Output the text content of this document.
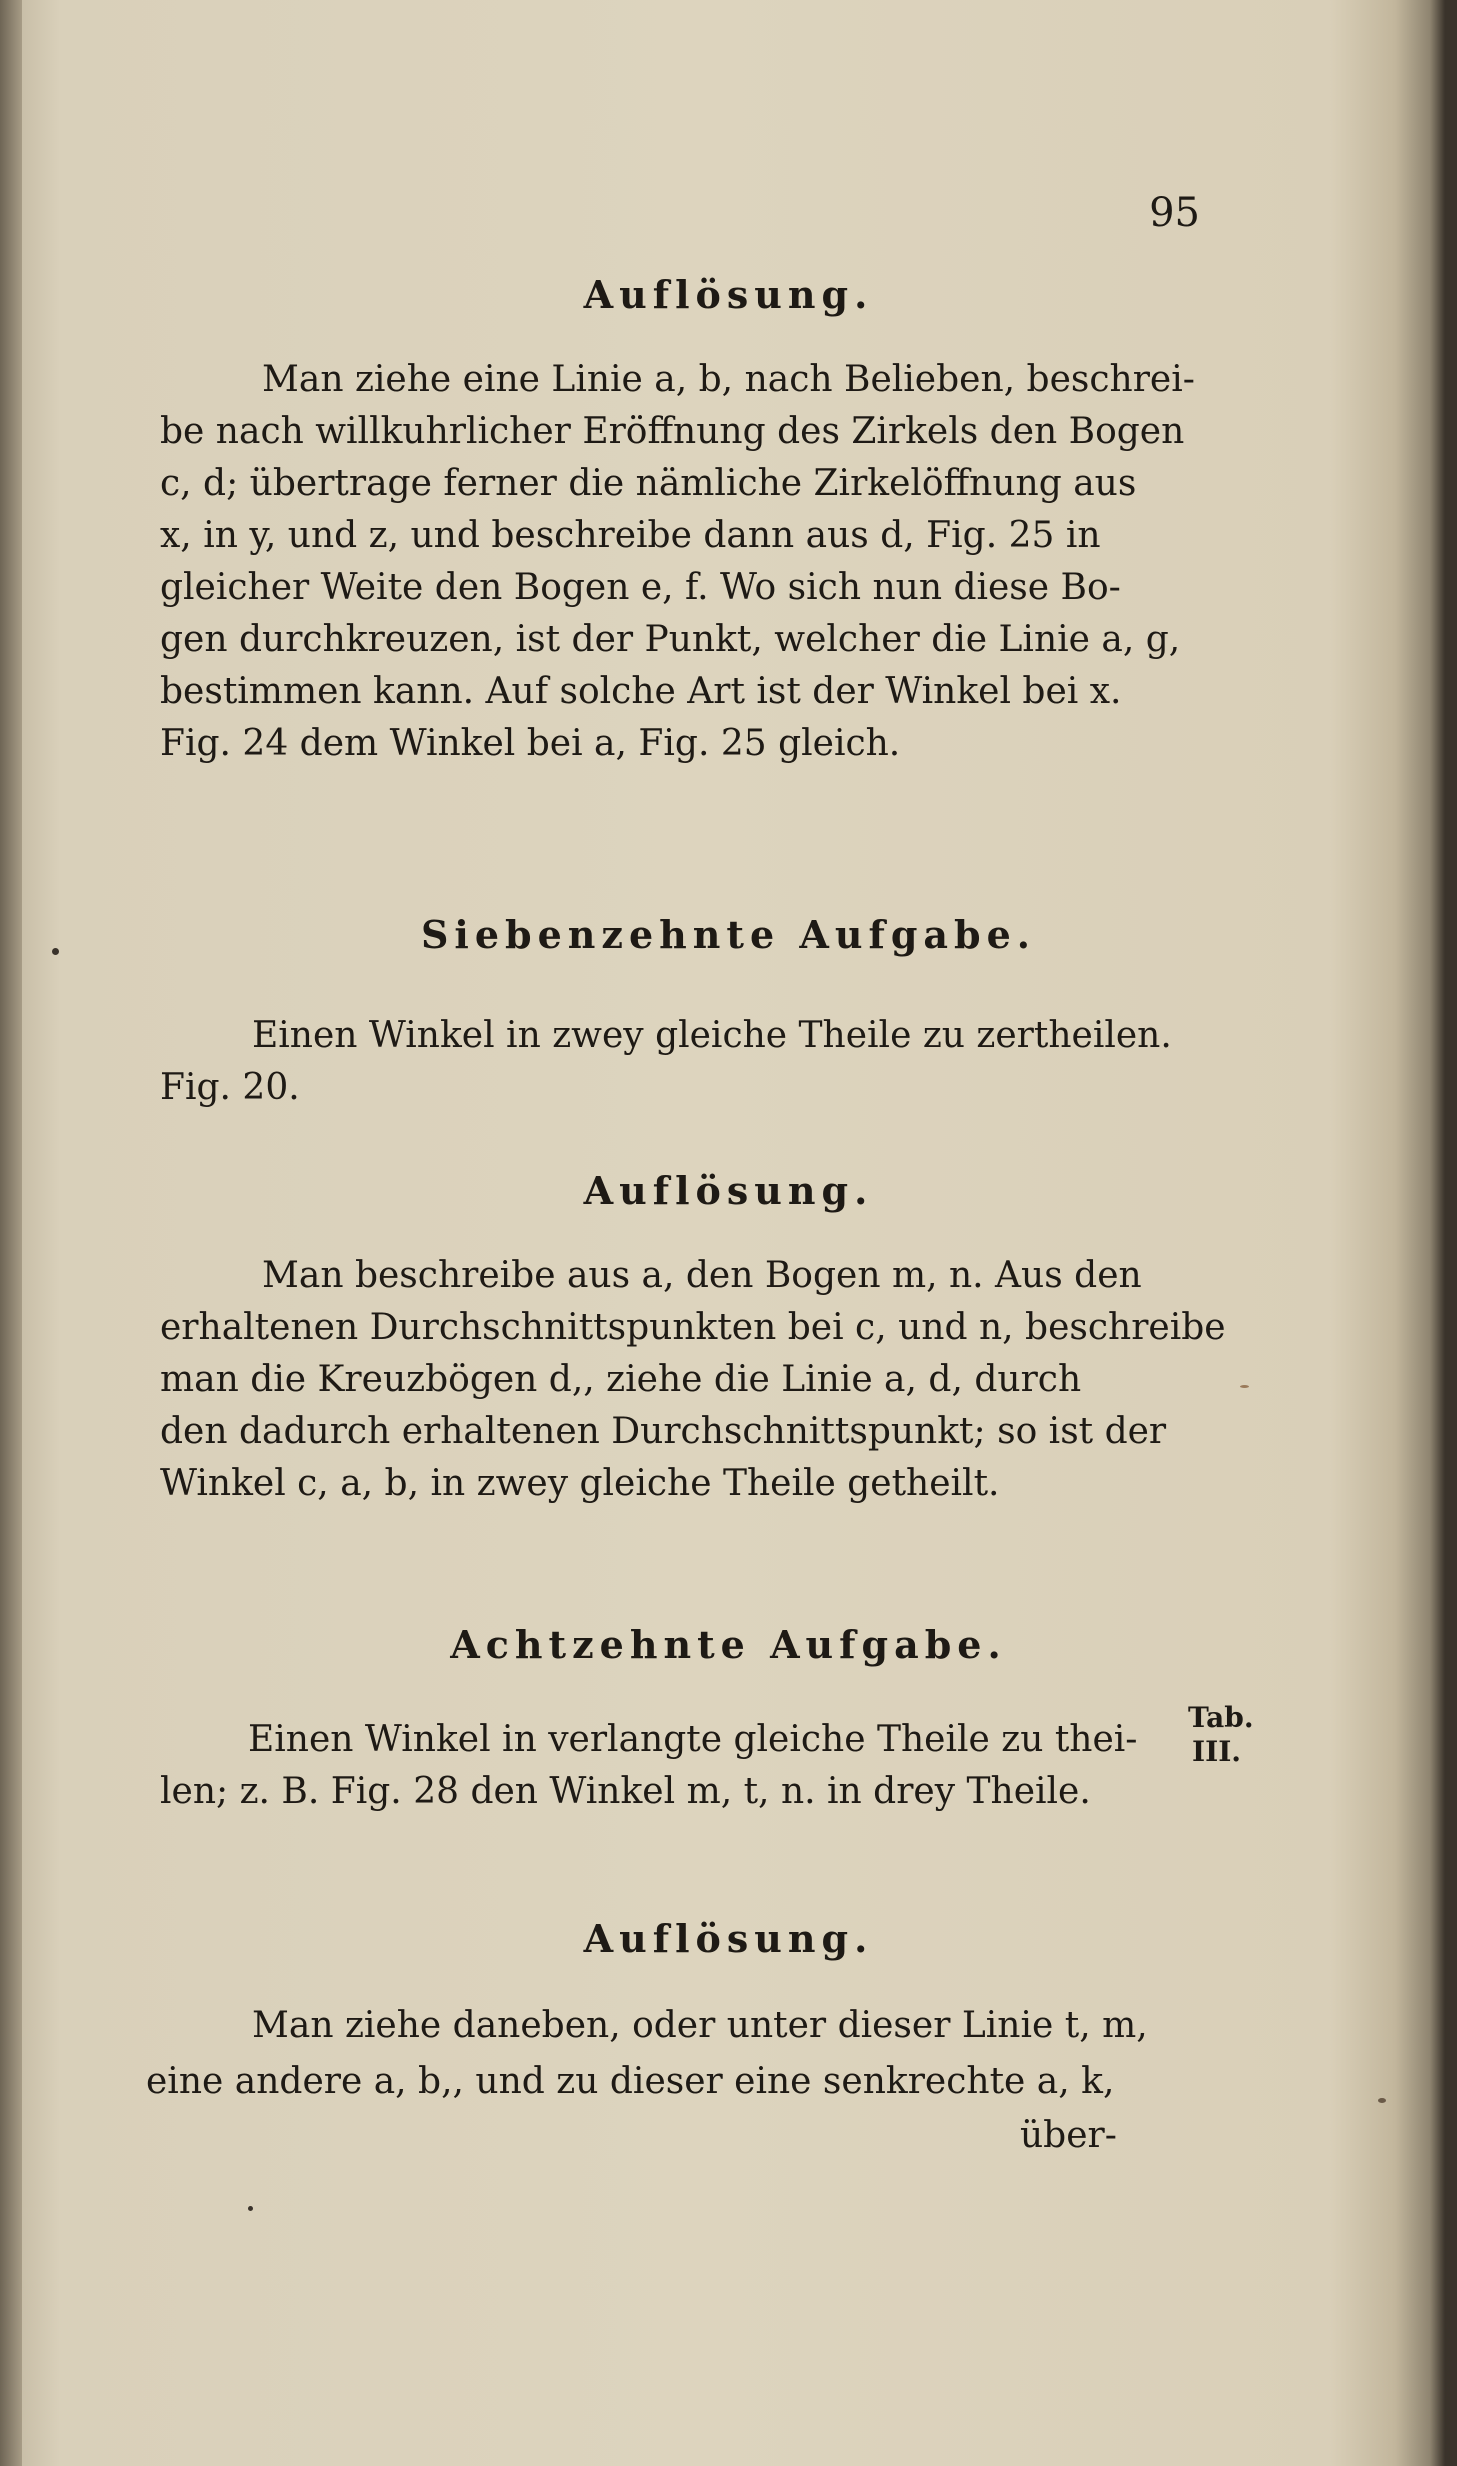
95
Auflösung.
Man ziehe eine Linie a, b, nach Belieben, beschrei-
be nach willkuhrlicher Eröffnung des Zirkels den Bogen
c, d; übertrage ferner die nämliche Zirkelöffnung aus
x, in y, und z, und beschreibe dann aus d, Fig. 25 in
gleicher Weite den Bogen e, f. Wo sich nun diese Bo-
gen durchkreuzen, ist der Punkt, welcher die Linie a, g,
bestimmen kann. Auf solche Art ist der Winkel bei x.
Fig. 24 dem Winkel bei a, Fig. 25 gleich.
Siebenzehnte Aufgabe.
Einen Winkel in zwey gleiche Theile zu zertheilen.
Fig. 20.
Auflösung.
Man beschreibe aus a, den Bogen m, n. Aus den
erhaltenen Durchschnittspunkten bei c, und n, beschreibe
man die Kreuzbögen d,, ziehe die Linie a, d, durch
den dadurch erhaltenen Durchschnittspunkt; so ist der
Winkel c, a, b, in zwey gleiche Theile getheilt.
Achtzehnte Aufgabe.
Einen Winkel in verlangte gleiche Theile zu thei-
len; z. B. Fig. 28 den Winkel m, t, n. in drey Theile.
Tab.
III.
Auflösung.
Man ziehe daneben, oder unter dieser Linie t, m,
eine andere a, b,, und zu dieser eine senkrechte a, k,
über-
